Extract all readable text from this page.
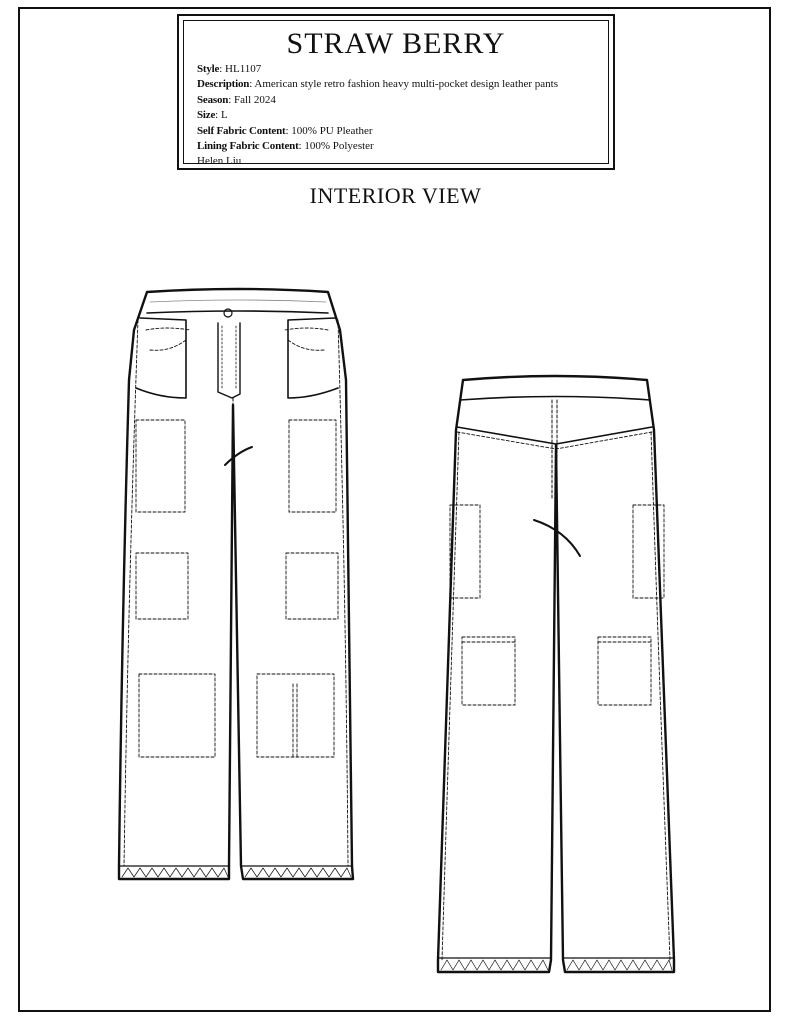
STRAW BERRY
Style: HL1107
Description: American style retro fashion heavy multi-pocket design leather pants
Season: Fall 2024
Size: L
Self Fabric Content: 100% PU Pleather
Lining Fabric Content: 100% Polyester
Helen Liu
INTERIOR VIEW
